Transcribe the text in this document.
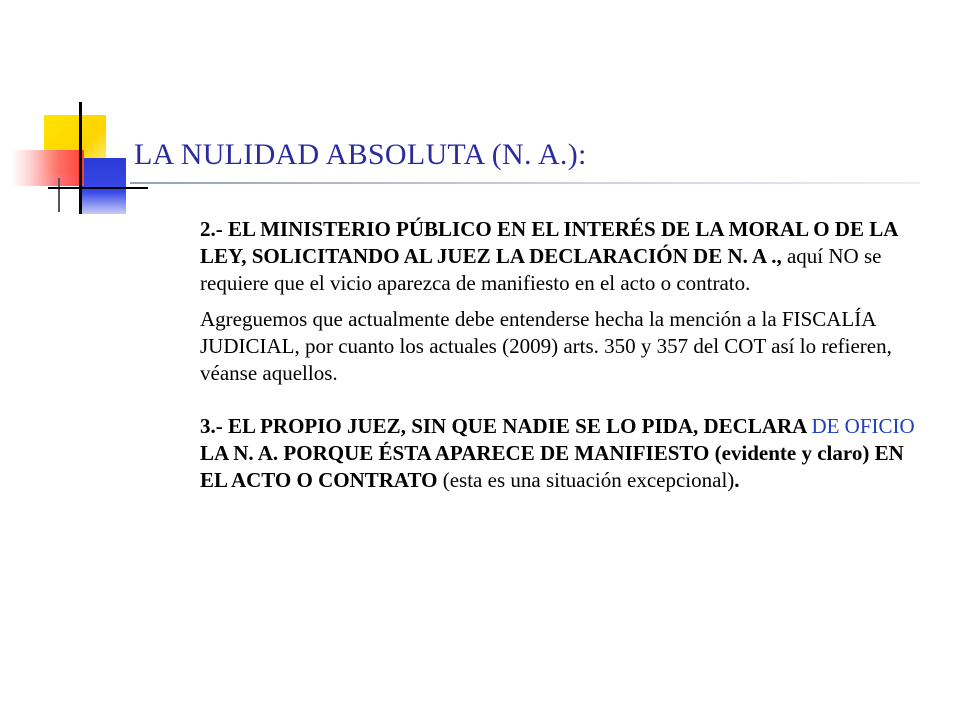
LA NULIDAD ABSOLUTA (N. A.):

2.- EL MINISTERIO PÚBLICO EN EL INTERÉS DE LA MORAL O DE LA LEY, SOLICITANDO AL JUEZ LA DECLARACIÓN DE N. A ., aquí NO se requiere que el vicio aparezca de manifiesto en el acto o contrato.

Agreguemos que actualmente debe entenderse hecha la mención a la FISCALÍA JUDICIAL, por cuanto los actuales (2009) arts. 350 y 357 del COT así lo refieren, véanse aquellos.

3.- EL PROPIO JUEZ, SIN QUE NADIE SE LO PIDA, DECLARA DE OFICIO LA N. A. PORQUE ÉSTA APARECE DE MANIFIESTO (evidente y claro) EN EL ACTO O CONTRATO (esta es una situación excepcional).
